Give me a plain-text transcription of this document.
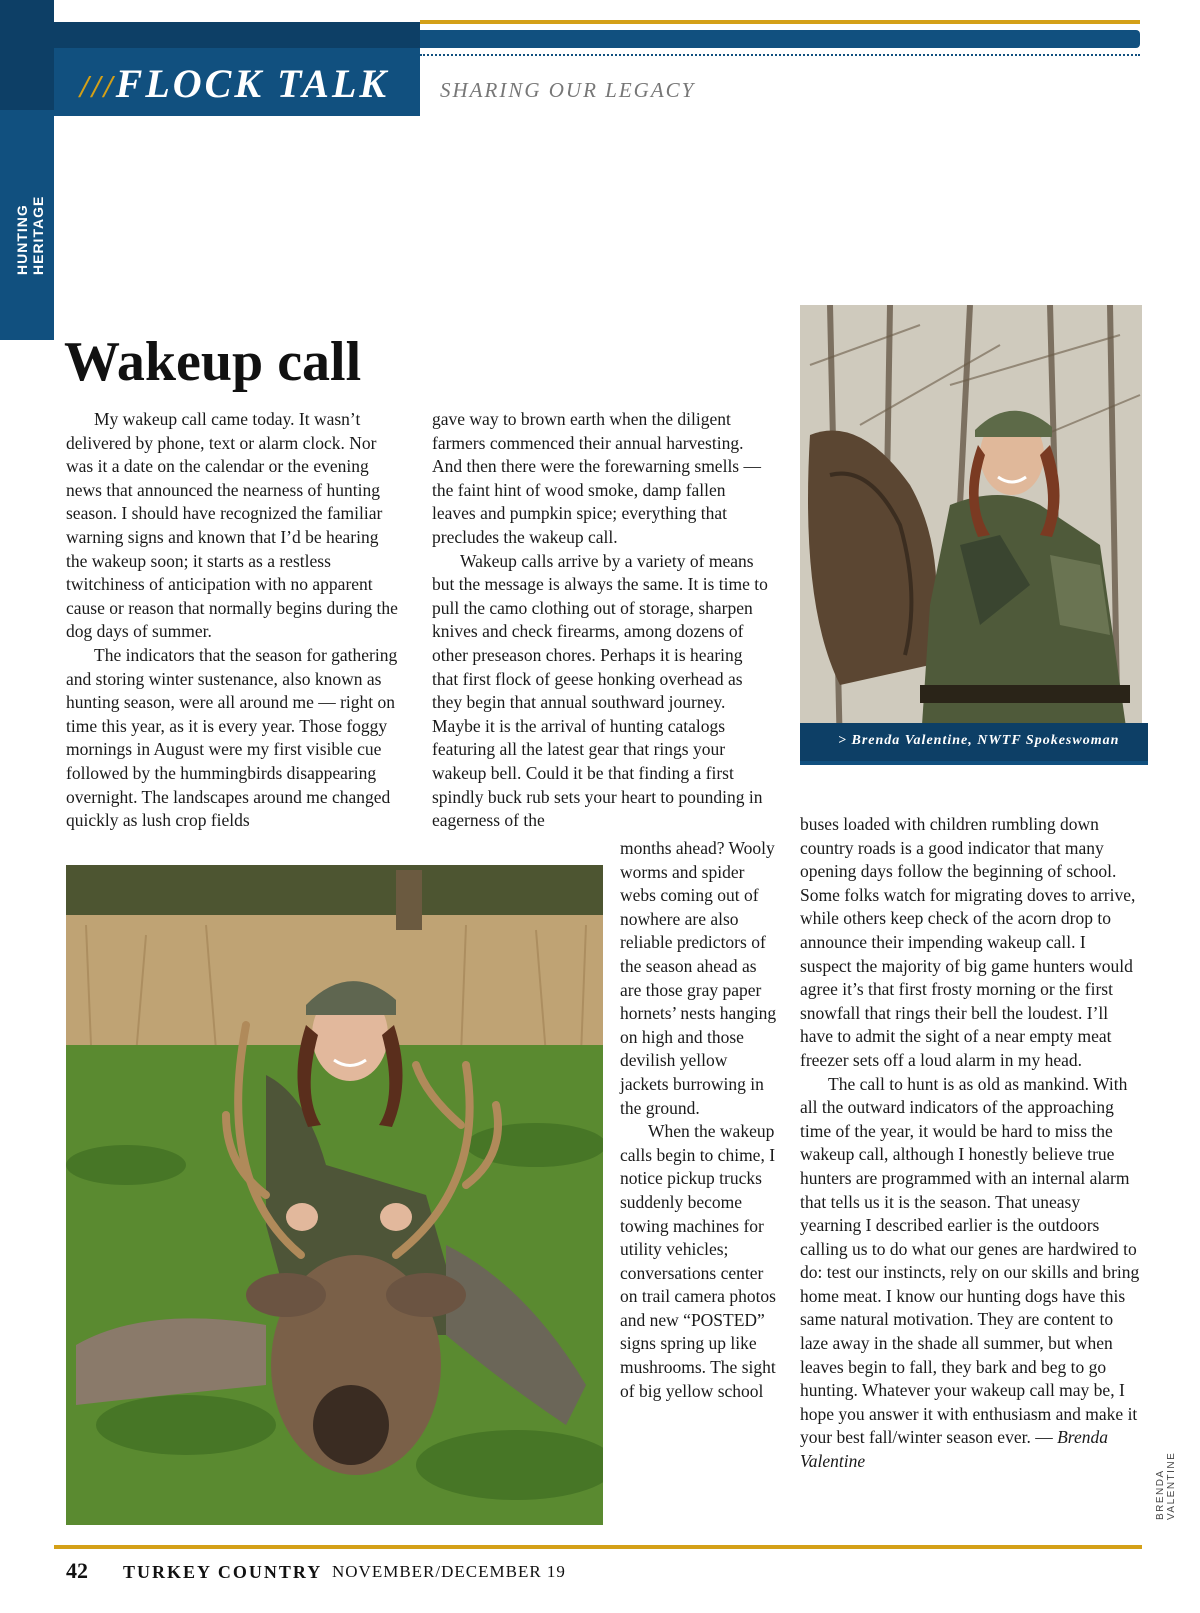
HUNTING HERITAGE
///FLOCK TALK SHARING OUR LEGACY
Wakeup call
> Brenda Valentine, NWTF Spokeswoman
BRENDA VALENTINE

My wakeup call came today. It wasn’t delivered by phone, text or alarm clock. Nor was it a date on the calendar or the evening news that announced the nearness of hunting season. I should have recognized the familiar warning signs and known that I’d be hearing the wakeup soon; it starts as a restless twitchiness of anticipation with no apparent cause or reason that normally begins during the dog days of summer.

The indicators that the season for gathering and storing winter sustenance, also known as hunting season, were all around me — right on time this year, as it is every year. Those foggy mornings in August were my first visible cue followed by the hummingbirds disappearing overnight. The landscapes around me changed quickly as lush crop fields

gave way to brown earth when the diligent farmers commenced their annual harvesting. And then there were the forewarning smells — the faint hint of wood smoke, damp fallen leaves and pumpkin spice; everything that precludes the wakeup call.

Wakeup calls arrive by a variety of means but the message is always the same. It is time to pull the camo clothing out of storage, sharpen knives and check firearms, among dozens of other preseason chores. Perhaps it is hearing that first flock of geese honking overhead as they begin that annual southward journey. Maybe it is the arrival of hunting catalogs featuring all the latest gear that rings your wakeup bell. Could it be that finding a first spindly buck rub sets your heart to pounding in eagerness of the

months ahead? Wooly worms and spider webs coming out of nowhere are also reliable predictors of the season ahead as are those gray paper hornets’ nests hanging on high and those devilish yellow jackets burrowing in the ground.

When the wakeup calls begin to chime, I notice pickup trucks suddenly become towing machines for utility vehicles; conversations center on trail camera photos and new “POSTED” signs spring up like mushrooms. The sight of big yellow school

buses loaded with children rumbling down country roads is a good indicator that many opening days follow the beginning of school. Some folks watch for migrating doves to arrive, while others keep check of the acorn drop to announce their impending wakeup call. I suspect the majority of big game hunters would agree it’s that first frosty morning or the first snowfall that rings their bell the loudest. I’ll have to admit the sight of a near empty meat freezer sets off a loud alarm in my head.

The call to hunt is as old as mankind. With all the outward indicators of the approaching time of the year, it would be hard to miss the wakeup call, although I honestly believe true hunters are programmed with an internal alarm that tells us it is the season. That uneasy yearning I described earlier is the outdoors calling us to do what our genes are hardwired to do: test our instincts, rely on our skills and bring home meat. I know our hunting dogs have this same natural motivation. They are content to laze away in the shade all summer, but when leaves begin to fall, they bark and beg to go hunting. Whatever your wakeup call may be, I hope you answer it with enthusiasm and make it your best fall/winter season ever. — Brenda Valentine

42 TURKEY COUNTRY NOVEMBER/DECEMBER 19
